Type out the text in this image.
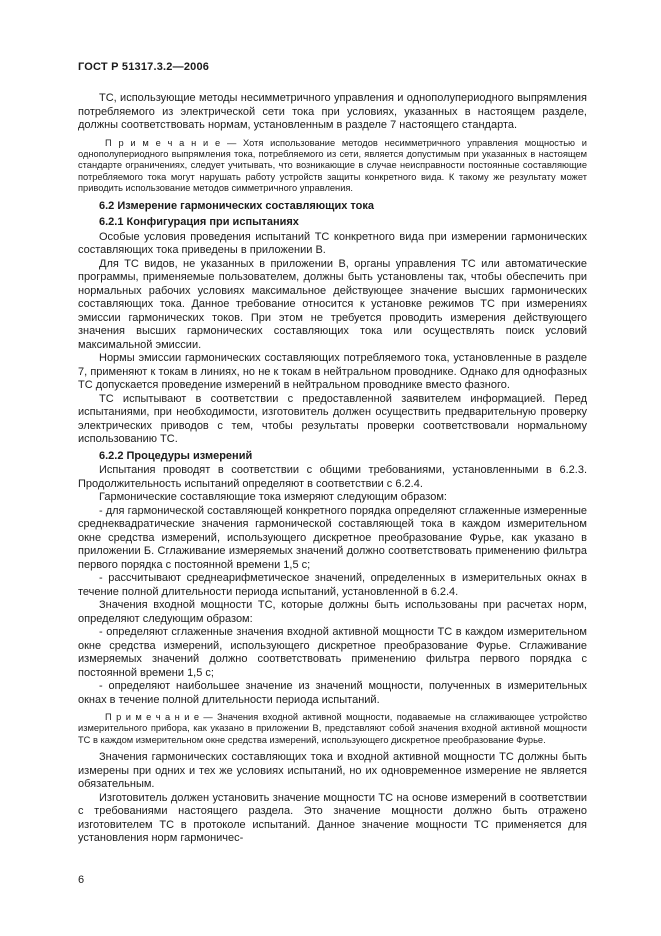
ГОСТ Р 51317.3.2—2006

ТС, использующие методы несимметричного управления и однополупериодного выпрямления потребляемого из электрической сети тока при условиях, указанных в настоящем разделе, должны соответствовать нормам, установленным в разделе 7 настоящего стандарта.

П р и м е ч а н и е — Хотя использование методов несимметричного управления мощностью и однополупериодного выпрямления тока, потребляемого из сети, является допустимым при указанных в настоящем стандарте ограничениях, следует учитывать, что возникающие в случае неисправности постоянные составляющие потребляемого тока могут нарушать работу устройств защиты конкретного вида. К такому же результату может приводить использование методов симметричного управления.

6.2 Измерение гармонических составляющих тока

6.2.1 Конфигурация при испытаниях

Особые условия проведения испытаний ТС конкретного вида при измерении гармонических составляющих тока приведены в приложении В.

Для ТС видов, не указанных в приложении В, органы управления ТС или автоматические программы, применяемые пользователем, должны быть установлены так, чтобы обеспечить при нормальных рабочих условиях максимальное действующее значение высших гармонических составляющих тока. Данное требование относится к установке режимов ТС при измерениях эмиссии гармонических токов. При этом не требуется проводить измерения действующего значения высших гармонических составляющих тока или осуществлять поиск условий максимальной эмиссии.

Нормы эмиссии гармонических составляющих потребляемого тока, установленные в разделе 7, применяют к токам в линиях, но не к токам в нейтральном проводнике. Однако для однофазных ТС допускается проведение измерений в нейтральном проводнике вместо фазного.

ТС испытывают в соответствии с предоставленной заявителем информацией. Перед испытаниями, при необходимости, изготовитель должен осуществить предварительную проверку электрических приводов с тем, чтобы результаты проверки соответствовали нормальному использованию ТС.

6.2.2 Процедуры измерений

Испытания проводят в соответствии с общими требованиями, установленными в 6.2.3. Продолжительность испытаний определяют в соответствии с 6.2.4.

Гармонические составляющие тока измеряют следующим образом:

- для гармонической составляющей конкретного порядка определяют сглаженные измеренные среднеквадратические значения гармонической составляющей тока в каждом измерительном окне средства измерений, использующего дискретное преобразование Фурье, как указано в приложении Б. Сглаживание измеряемых значений должно соответствовать применению фильтра первого порядка с постоянной времени 1,5 с;

- рассчитывают среднеарифметическое значений, определенных в измерительных окнах в течение полной длительности периода испытаний, установленной в 6.2.4.

Значения входной мощности ТС, которые должны быть использованы при расчетах норм, определяют следующим образом:

- определяют сглаженные значения входной активной мощности ТС в каждом измерительном окне средства измерений, использующего дискретное преобразование Фурье. Сглаживание измеряемых значений должно соответствовать применению фильтра первого порядка с постоянной времени 1,5 с;

- определяют наибольшее значение из значений мощности, полученных в измерительных окнах в течение полной длительности периода испытаний.

П р и м е ч а н и е — Значения входной активной мощности, подаваемые на сглаживающее устройство измерительного прибора, как указано в приложении В, представляют собой значения входной активной мощности ТС в каждом измерительном окне средства измерений, использующего дискретное преобразование Фурье.

Значения гармонических составляющих тока и входной активной мощности ТС должны быть измерены при одних и тех же условиях испытаний, но их одновременное измерение не является обязательным.

Изготовитель должен установить значение мощности ТС на основе измерений в соответствии с требованиями настоящего раздела. Это значение мощности должно быть отражено изготовителем ТС в протоколе испытаний. Данное значение мощности ТС применяется для установления норм гармоничес-

6
